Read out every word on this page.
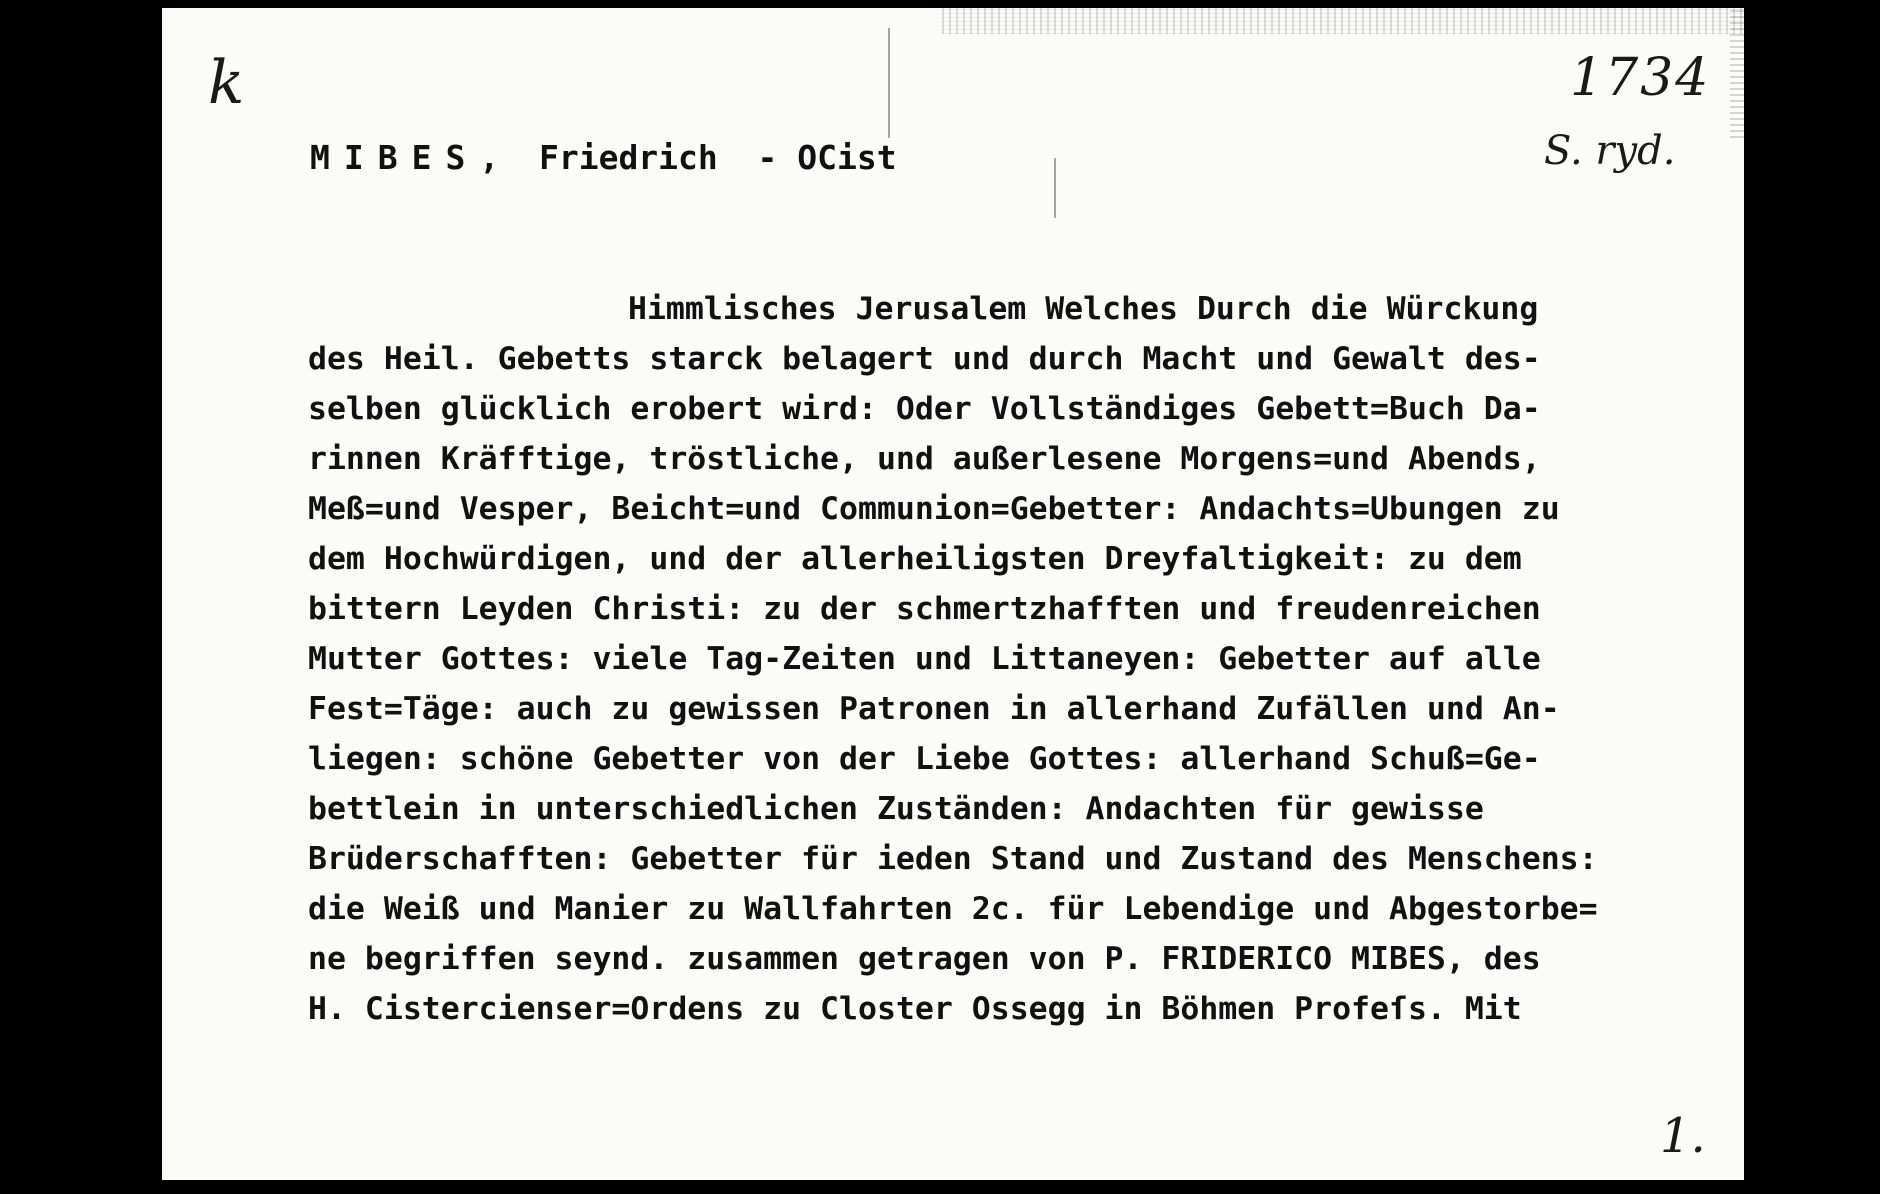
k	1734
S. ryd.
MIBES, Friedrich - OCist
Himmlisches Jerusalem Welches Durch die Würckung
des Heil. Gebetts starck belagert und durch Macht und Gewalt des-
selben glücklich erobert wird: Oder Vollständiges Gebett=Buch Da-
rinnen Kräfftige, tröstliche, und außerlesene Morgens=und Abends,
Meß=und Vesper, Beicht=und Communion=Gebetter: Andachts=Ubungen zu
dem Hochwürdigen, und der allerheiligsten Dreyfaltigkeit: zu dem
bittern Leyden Christi: zu der schmertzhafften und freudenreichen
Mutter Gottes: viele Tag-Zeiten und Littaneyen: Gebetter auf alle
Fest=Täge: auch zu gewissen Patronen in allerhand Zufällen und An-
liegen: schöne Gebetter von der Liebe Gottes: allerhand Schuß=Ge-
bettlein in unterschiedlichen Zuständen: Andachten für gewisse
Brüderschafften: Gebetter für ieden Stand und Zustand des Menschens:
die Weiß und Manier zu Wallfahrten 2c. für Lebendige und Abgestorbe=
ne begriffen seynd. zusammen getragen von P. FRIDERICO MIBES, des
H. Cistercienser=Ordens zu Closter Ossegg in Böhmen Profeſs. Mit
1.
